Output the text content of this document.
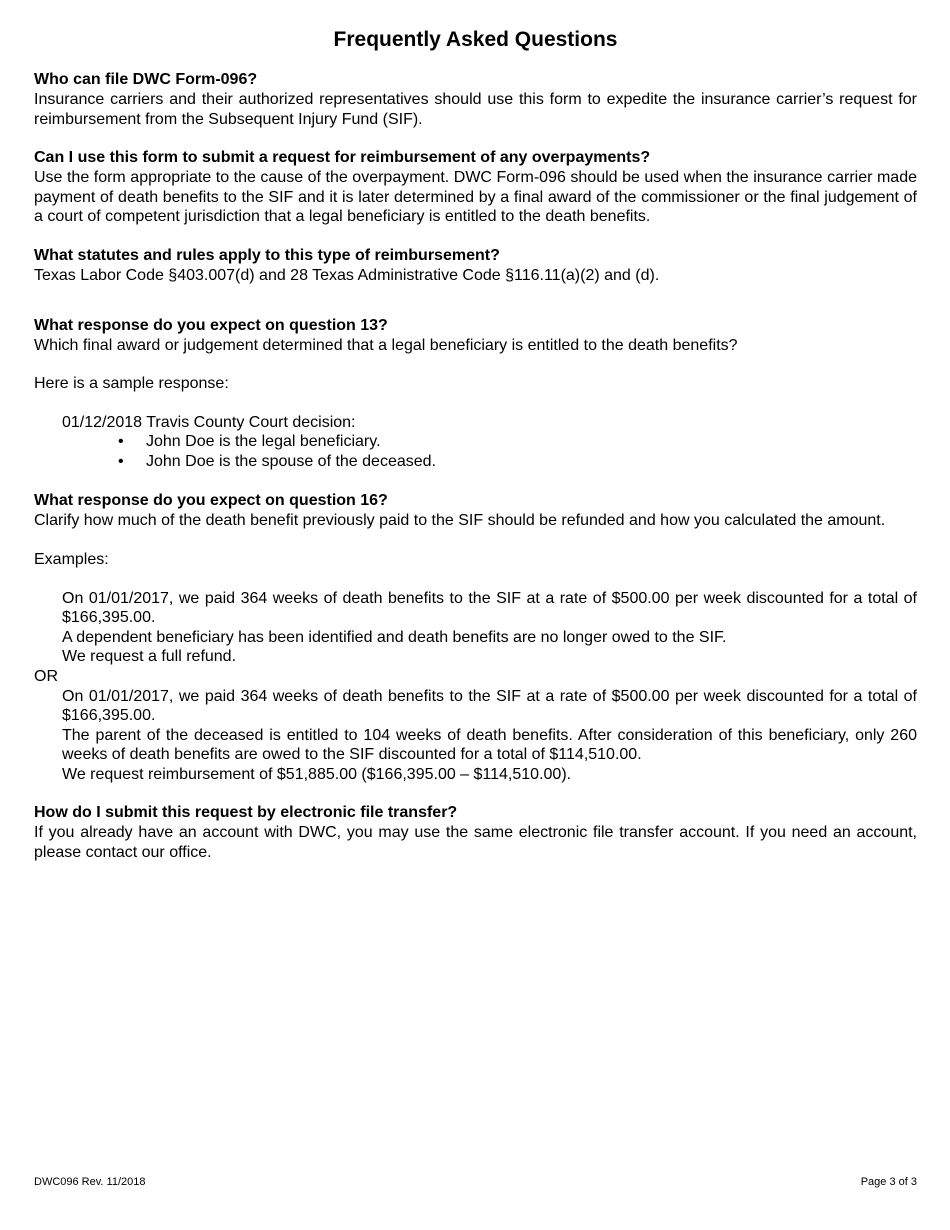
Frequently Asked Questions

Who can file DWC Form-096?

Insurance carriers and their authorized representatives should use this form to expedite the insurance carrier’s request for reimbursement from the Subsequent Injury Fund (SIF).

Can I use this form to submit a request for reimbursement of any overpayments?

Use the form appropriate to the cause of the overpayment. DWC Form-096 should be used when the insurance carrier made payment of death benefits to the SIF and it is later determined by a final award of the commissioner or the final judgement of a court of competent jurisdiction that a legal beneficiary is entitled to the death benefits.

What statutes and rules apply to this type of reimbursement?

Texas Labor Code §403.007(d) and 28 Texas Administrative Code §116.11(a)(2) and (d).

What response do you expect on question 13?

Which final award or judgement determined that a legal beneficiary is entitled to the death benefits?

Here is a sample response:

01/12/2018 Travis County Court decision:

• John Doe is the legal beneficiary.
• John Doe is the spouse of the deceased.

What response do you expect on question 16?

Clarify how much of the death benefit previously paid to the SIF should be refunded and how you calculated the amount.

Examples:

On 01/01/2017, we paid 364 weeks of death benefits to the SIF at a rate of $500.00 per week discounted for a total of $166,395.00.

A dependent beneficiary has been identified and death benefits are no longer owed to the SIF.

We request a full refund.

OR

On 01/01/2017, we paid 364 weeks of death benefits to the SIF at a rate of $500.00 per week discounted for a total of $166,395.00.

The parent of the deceased is entitled to 104 weeks of death benefits. After consideration of this beneficiary, only 260 weeks of death benefits are owed to the SIF discounted for a total of $114,510.00.

We request reimbursement of $51,885.00 ($166,395.00 – $114,510.00).

How do I submit this request by electronic file transfer?

If you already have an account with DWC, you may use the same electronic file transfer account. If you need an account, please contact our office.

DWC096 Rev. 11/2018	Page 3 of 3
